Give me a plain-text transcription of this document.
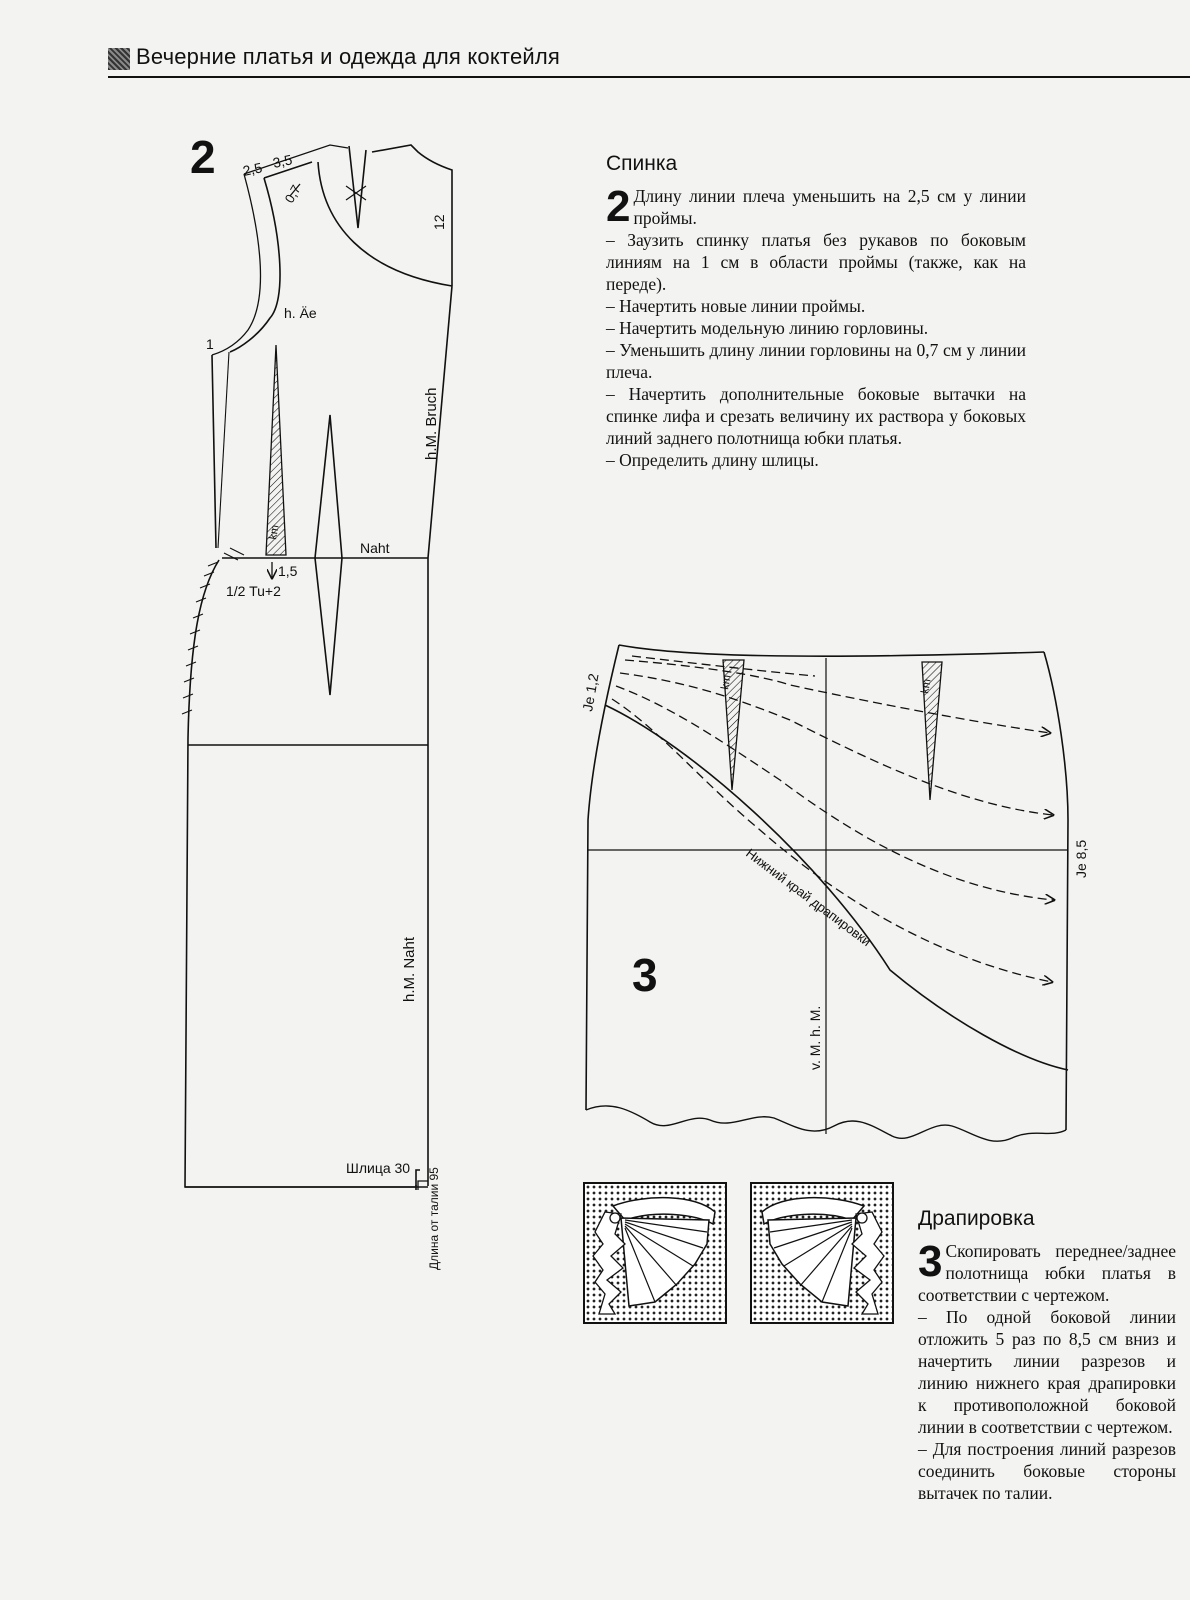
Вечерние платья и одежда для коктейля
2
3
2,5 3,5
0,7
12
h. Äe
1
h.M. Bruch
Naht
1/2 Tu+2
1,5
km
h.M. Naht
Шлица 30 Длина от талии 95
Je 1,2
Je 8,5
v. M. h. M.
Нижний край драпировки
km	km
Спинка
2 Длину линии плеча уменьшить на 2,5 см у линии проймы.

– Заузить спинку платья без рукавов по боковым линиям на 1 см в области проймы (также, как на переде).

– Начертить новые линии проймы.

– Начертить модельную линию горловины.

– Уменьшить длину линии горловины на 0,7 см у линии плеча.

– Начертить дополнительные боковые вытачки на спинке лифа и срезать величину их раствора у боковых линий заднего полотнища юбки платья.

– Определить длину шлицы.

Драпировка
3 Скопировать переднее/заднее полотнища юбки платья в соответствии с чертежом.

– По одной боковой линии отложить 5 раз по 8,5 см вниз и начертить линии разрезов и линию нижнего края драпировки к противоположной боковой линии в соответствии с чертежом.

– Для построения линий разрезов соединить боковые стороны вытачек по талии.
